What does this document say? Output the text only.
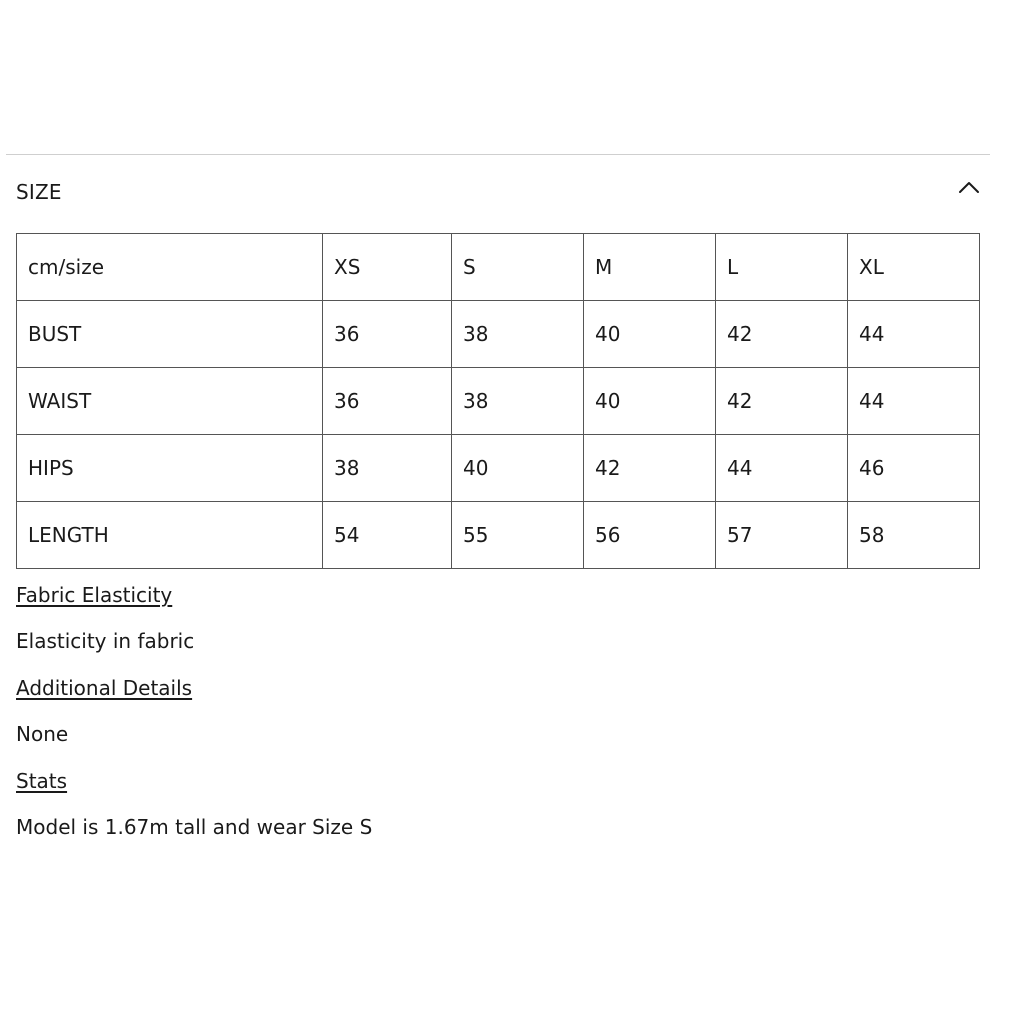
SIZE
cm/size	XS	S	M	L	XL
BUST	36	38	40	42	44
WAIST	36	38	40	42	44
HIPS	38	40	42	44	46
LENGTH	54	55	56	57	58
Fabric Elasticity
Elasticity in fabric
Additional Details
None
Stats
Model is 1.67m tall and wear Size S
